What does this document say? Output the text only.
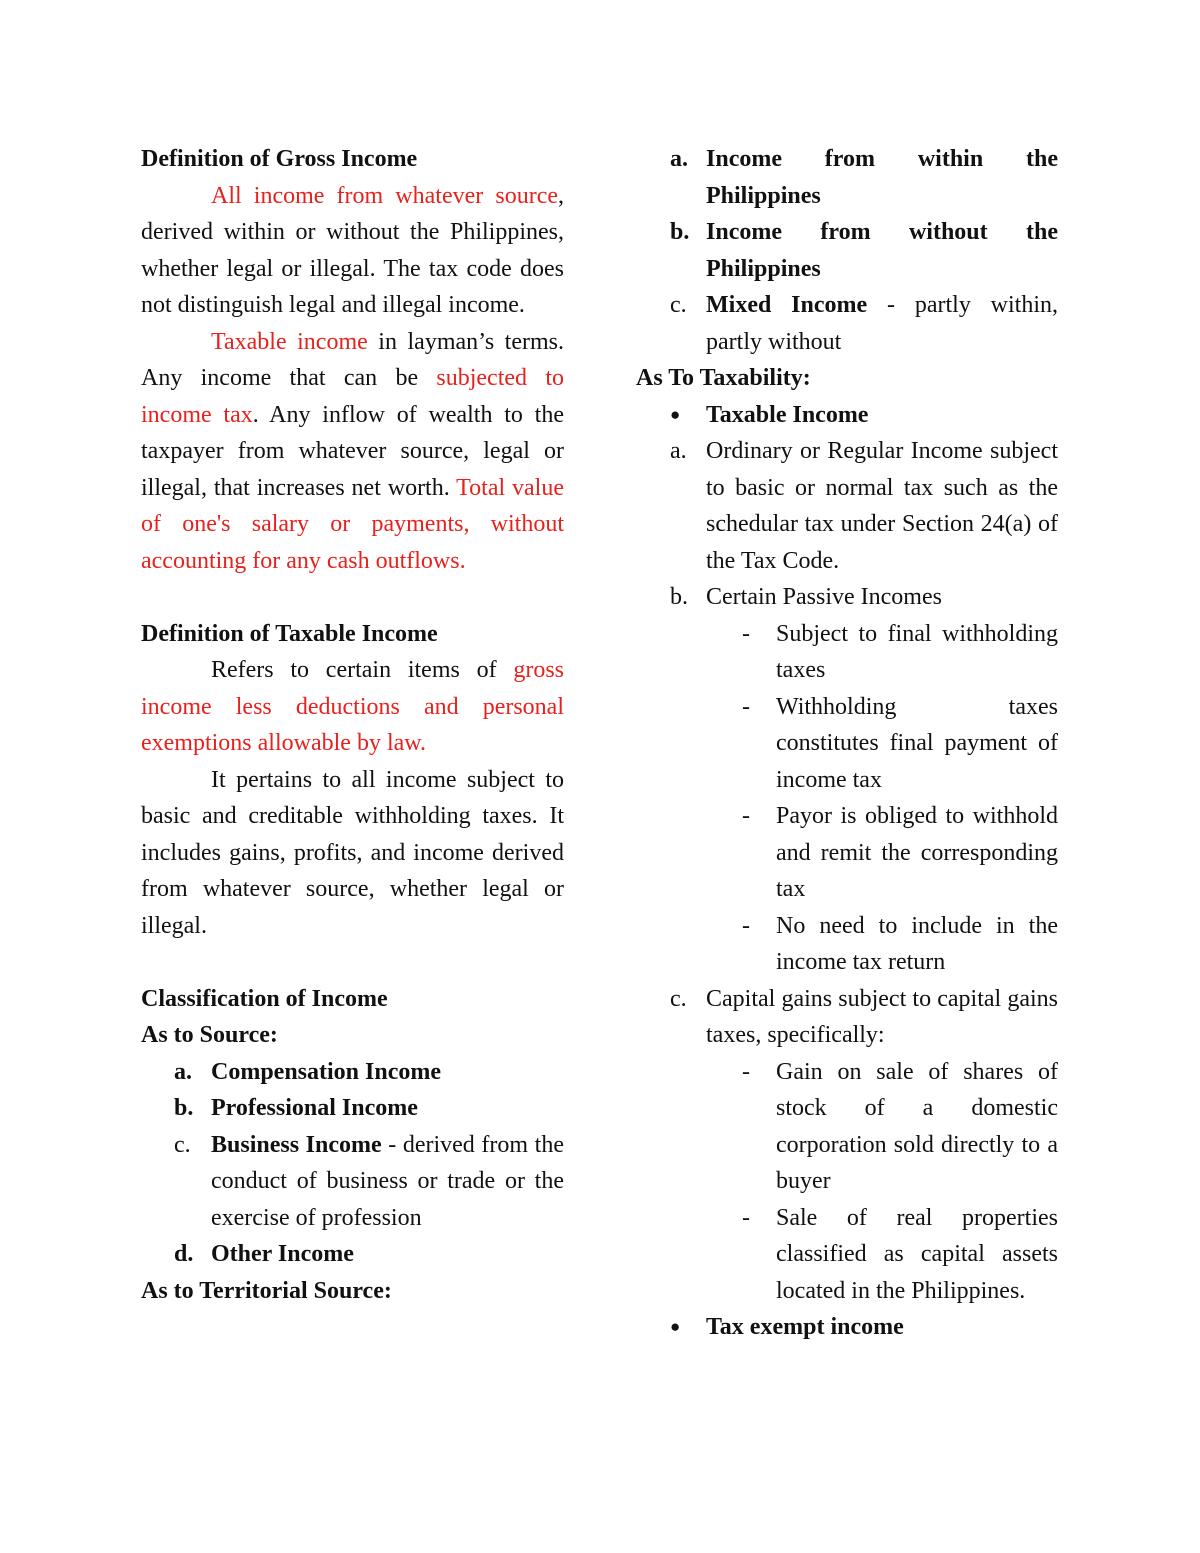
Definition of Gross Income

All income from whatever source, derived within or without the Philippines, whether legal or illegal. The tax code does not distinguish legal and illegal income.

Taxable income in layman’s terms. Any income that can be subjected to income tax. Any inflow of wealth to the taxpayer from whatever source, legal or illegal, that increases net worth. Total value of one's salary or payments, without accounting for any cash outflows.

Definition of Taxable Income

Refers to certain items of gross income less deductions and personal exemptions allowable by law.

It pertains to all income subject to basic and creditable withholding taxes. It includes gains, profits, and income derived from whatever source, whether legal or illegal.

Classification of Income

As to Source:

a. Compensation Income
b. Professional Income
c. Business Income - derived from the conduct of business or trade or the exercise of profession
d. Other Income

As to Territorial Source:

a. Income from within the Philippines
b. Income from without the Philippines
c. Mixed Income - partly within, partly without

As To Taxability:

●	Taxable Income
a. Ordinary or Regular Income subject to basic or normal tax such as the schedular tax under Section 24(a) of the Tax Code.
b. Certain Passive Incomes
-	Subject to final withholding taxes
-	Withholding taxes constitutes final payment of income tax
-	Payor is obliged to withhold and remit the corresponding tax
-	No need to include in the income tax return
c. Capital gains subject to capital gains taxes, specifically:
-	Gain on sale of shares of stock of a domestic corporation sold directly to a buyer
-	Sale of real properties classified as capital assets located in the Philippines.
●	Tax exempt income
